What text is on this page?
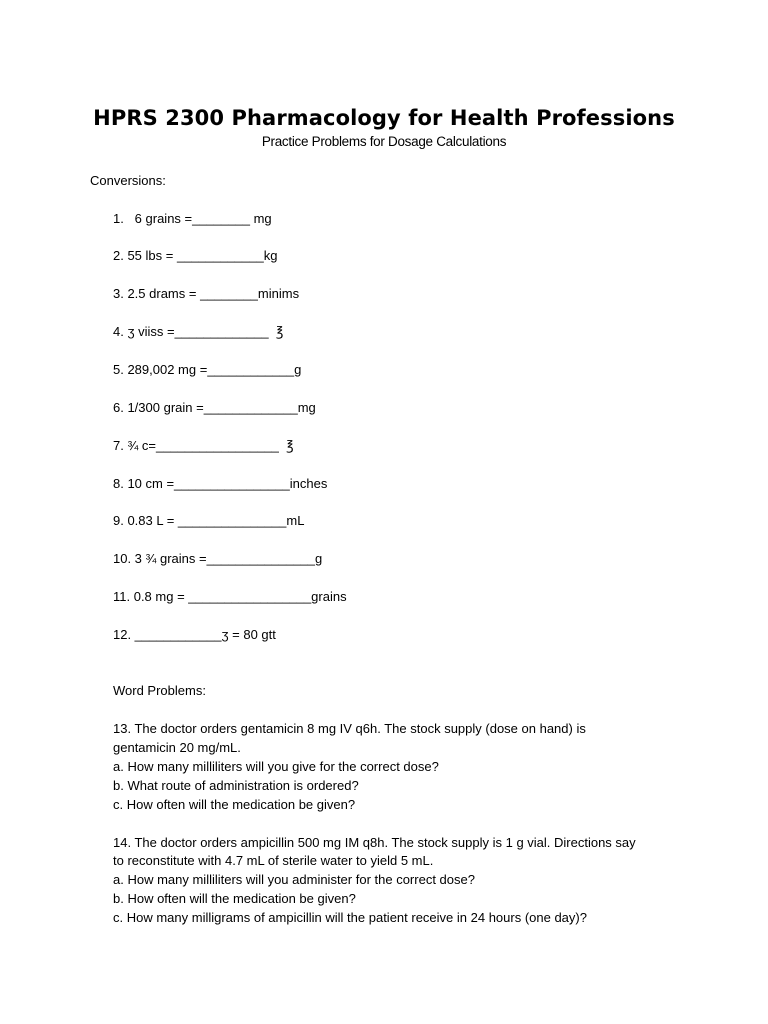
HPRS 2300 Pharmacology for Health Professions
Practice Problems for Dosage Calculations
Conversions:
1.   6 grains =________ mg
2. 55 lbs = ____________kg
3. 2.5 drams = ________minims
4. ʒ viiss =_____________  ℥
5. 289,002 mg =____________g
6. 1/300 grain =_____________mg
7. ¾ c=_________________  ℥
8. 10 cm =________________inches
9. 0.83 L = _______________mL
10. 3 ¾ grains =_______________g
11. 0.8 mg = _________________grains
12. ____________ʒ = 80 gtt
Word Problems:
13. The doctor orders gentamicin 8 mg IV q6h. The stock supply (dose on hand) is
gentamicin 20 mg/mL.
a. How many milliliters will you give for the correct dose?
b. What route of administration is ordered?
c. How often will the medication be given?
14. The doctor orders ampicillin 500 mg IM q8h. The stock supply is 1 g vial. Directions say
to reconstitute with 4.7 mL of sterile water to yield 5 mL.
a. How many milliliters will you administer for the correct dose?
b. How often will the medication be given?
c. How many milligrams of ampicillin will the patient receive in 24 hours (one day)?
